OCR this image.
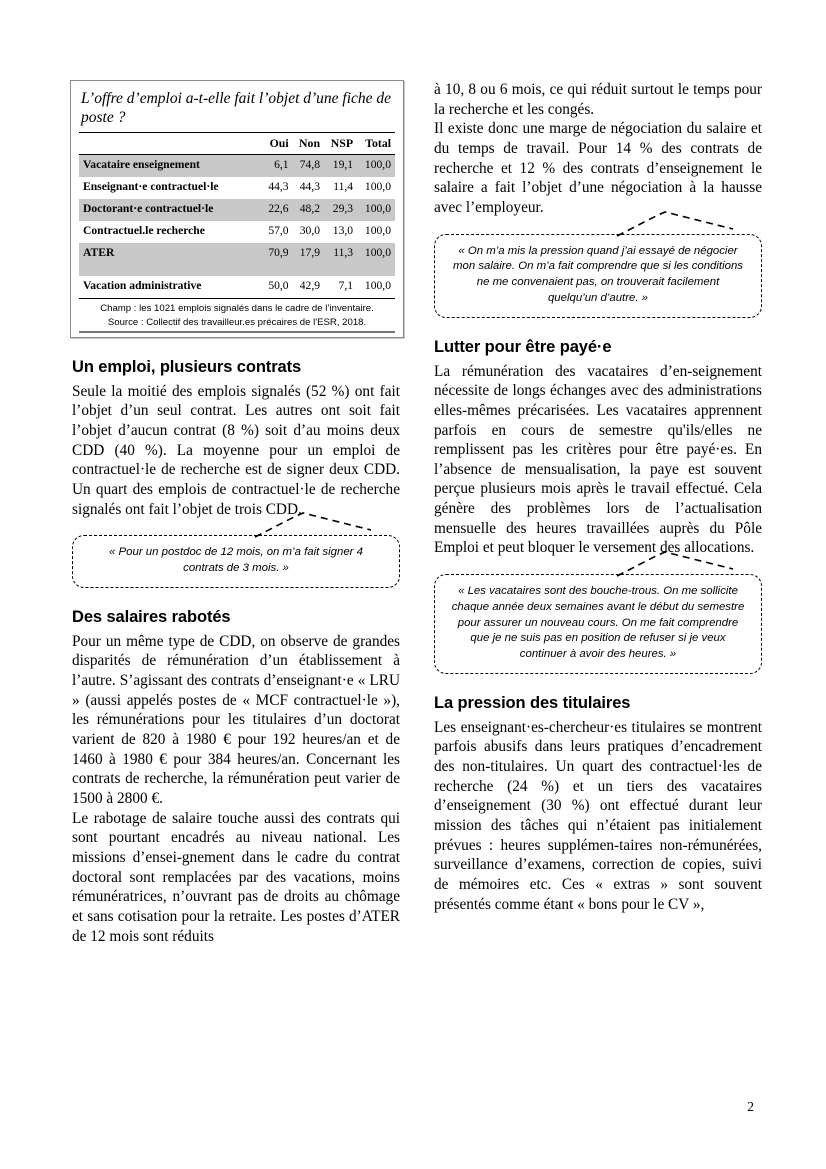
L’offre d’emploi a-t-elle fait l’objet d’une fiche de poste ?
	Oui	Non	NSP	Total
Vacataire enseignement	6,1	74,8	19,1	100,0
Enseignant·e contractuel·le	44,3	44,3	11,4	100,0
Doctorant·e contractuel·le	22,6	48,2	29,3	100,0
Contractuel.le recherche	57,0	30,0	13,0	100,0
ATER	70,9	17,9	11,3	100,0
Vacation administrative	50,0	42,9	7,1	100,0

Champ : les 1021 emplois signalés dans le cadre de l’inventaire.
Source : Collectif des travailleur.es précaires de l'ESR, 2018.				
Un emploi, plusieurs contrats

Seule la moitié des emplois signalés (52 %) ont fait l’objet d’un seul contrat. Les autres ont soit fait l’objet d’aucun contrat (8 %) soit d’au moins deux CDD (40 %). La moyenne pour un emploi de contractuel·le de recherche est de signer deux CDD. Un quart des emplois de contractuel·le de recherche signalés ont fait l’objet de trois CDD.

« Pour un postdoc de 12 mois, on m’a fait signer 4 contrats de 3 mois. »
Des salaires rabotés

Pour un même type de CDD, on observe de grandes disparités de rémunération d’un établissement à l’autre. S’agissant des contrats d’enseignant·e « LRU » (aussi appelés postes de « MCF contractuel·le »), les rémunérations pour les titulaires d’un doctorat varient de 820 à 1980 € pour 192 heures/an et de 1460 à 1980 € pour 384 heures/an. Concernant les contrats de recherche, la rémunération peut varier de 1500 à 2800 €.

Le rabotage de salaire touche aussi des contrats qui sont pourtant encadrés au niveau national. Les missions d’ensei-gnement dans le cadre du contrat doctoral sont remplacées par des vacations, moins rémunératrices, n’ouvrant pas de droits au chômage et sans cotisation pour la retraite. Les postes d’ATER de 12 mois sont réduits

à 10, 8 ou 6 mois, ce qui réduit surtout le temps pour la recherche et les congés.

Il existe donc une marge de négociation du salaire et du temps de travail. Pour 14 % des contrats de recherche et 12 % des contrats d’enseignement le salaire a fait l’objet d’une négociation à la hausse avec l’employeur.

« On m’a mis la pression quand j’ai essayé de négocier mon salaire. On m’a fait comprendre que si les conditions ne me convenaient pas, on trouverait facilement quelqu’un d’autre. »
Lutter pour être payé·e

La rémunération des vacataires d’en-seignement nécessite de longs échanges avec des administrations elles-mêmes précarisées. Les vacataires apprennent parfois en cours de semestre qu'ils/elles ne remplissent pas les critères pour être payé·es. En l’absence de mensualisation, la paye est souvent perçue plusieurs mois après le travail effectué. Cela génère des problèmes lors de l’actualisation mensuelle des heures travaillées auprès du Pôle Emploi et peut bloquer le versement des allocations.

« Les vacataires sont des bouche-trous. On me sollicite chaque année deux semaines avant le début du semestre pour assurer un nouveau cours. On me fait comprendre que je ne suis pas en position de refuser si je veux continuer à avoir des heures. »
La pression des titulaires

Les enseignant·es-chercheur·es titulaires se montrent parfois abusifs dans leurs pratiques d’encadrement des non-titulaires. Un quart des contractuel·les de recherche (24 %) et un tiers des vacataires d’enseignement (30 %) ont effectué durant leur mission des tâches qui n’étaient pas initialement prévues : heures supplémen-taires non-rémunérées, surveillance d’examens, correction de copies, suivi de mémoires etc. Ces « extras » sont souvent présentés comme étant « bons pour le CV »,

2
